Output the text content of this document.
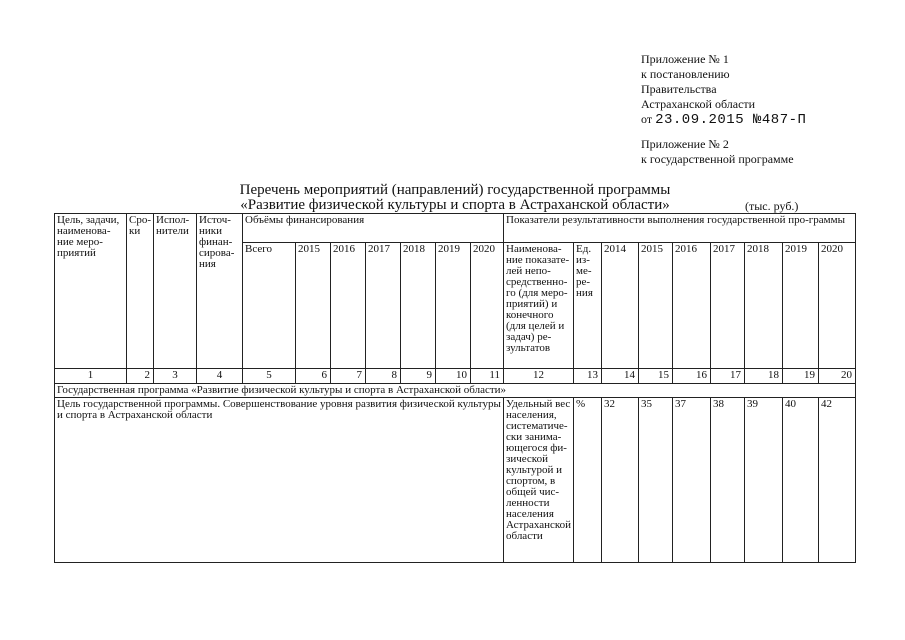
Приложение № 1
к постановлению
Правительства
Астраханской области
от 23.09.2015 №487-П
Приложение № 2
к государственной программе
Перечень мероприятий (направлений) государственной программы
«Развитие физической культуры и спорта в Астраханской области»	(тыс. руб.)
Цель, задачи, наименова-ние меро-приятий	Сро-ки	Испол-нители	Источ-ники финан-сирова-ния	Объёмы финансирования							Показатели результативности выполнения государственной про-граммы								
				Всего	2015	2016	2017	2018	2019	2020	Наименова-ние показате-лей непо-средственно-го (для меро-приятий) и конечного (для целей и задач) ре-зультатов	Ед. из-ме-ре-ния	2014	2015	2016	2017	2018	2019	2020
1	2	3	4	5	6	7	8	9	10	11	12	13	14	15	16	17	18	19	20
Государственная программа «Развитие физической культуры и спорта в Астраханской области»																			
Цель государственной программы. Совершенствование уровня развития физической культуры и спорта в Астраханской области											Удельный вес населения, систематиче-ски занима-ющегося фи-зической культурой и спортом, в общей чис-ленности населения Астраханской области	%	32	35	37	38	39	40	42
